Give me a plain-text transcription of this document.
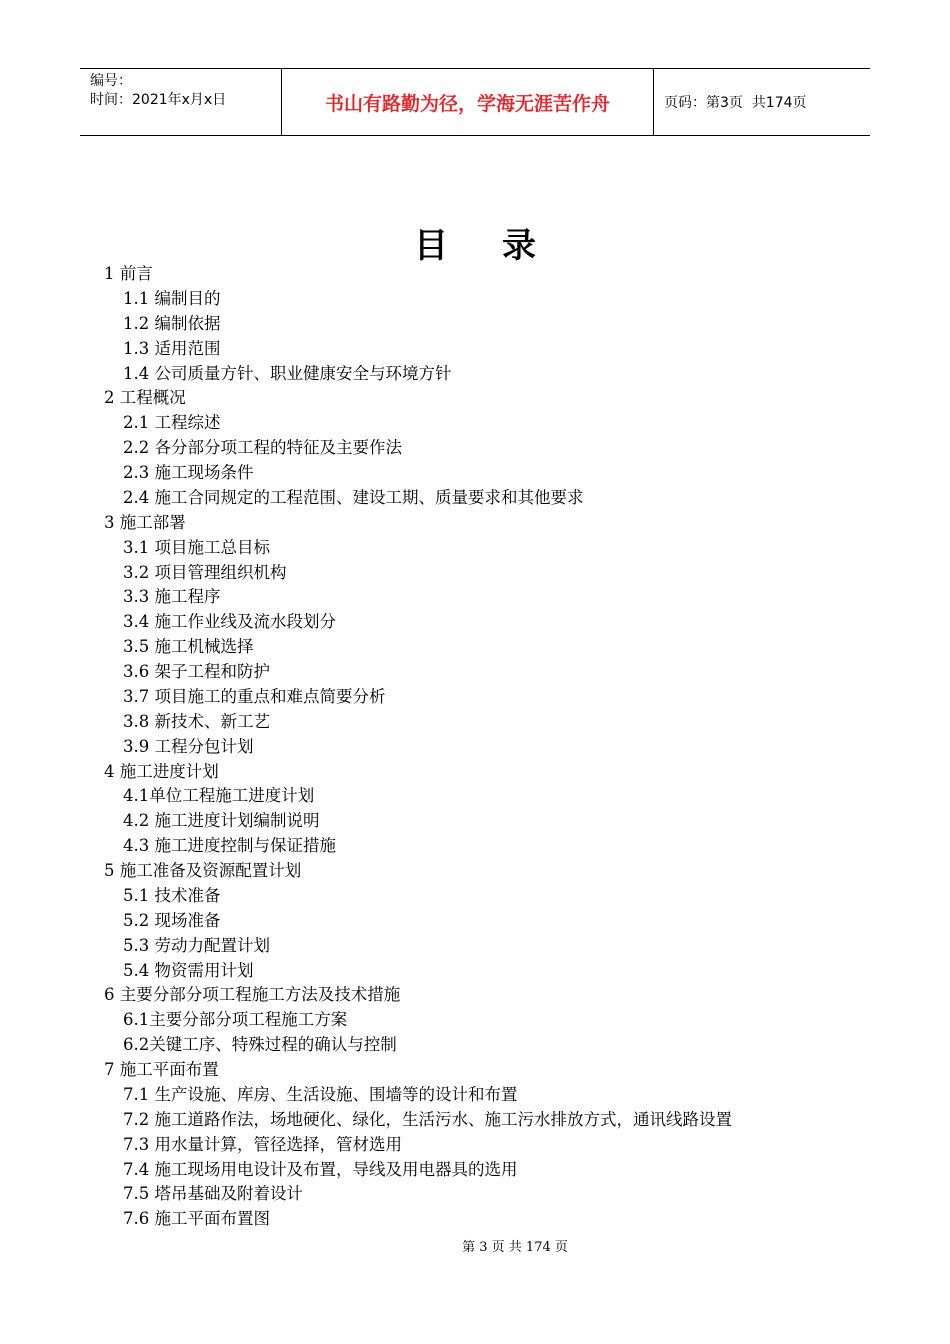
编号：
时间：2021年x月x日	书山有路勤为径，学海无涯苦作舟	页码：第3页  共174页
目录
1 前言
1.1 编制目的
1.2 编制依据
1.3 适用范围
1.4 公司质量方针、职业健康安全与环境方针
2 工程概况
2.1 工程综述
2.2 各分部分项工程的特征及主要作法
2.3 施工现场条件
2.4 施工合同规定的工程范围、建设工期、质量要求和其他要求
3 施工部署
3.1 项目施工总目标
3.2 项目管理组织机构
3.3 施工程序
3.4 施工作业线及流水段划分
3.5 施工机械选择
3.6 架子工程和防护
3.7 项目施工的重点和难点简要分析
3.8 新技术、新工艺
3.9 工程分包计划
4 施工进度计划
4.1单位工程施工进度计划
4.2 施工进度计划编制说明
4.3 施工进度控制与保证措施
5 施工准备及资源配置计划
5.1 技术准备
5.2 现场准备
5.3 劳动力配置计划
5.4 物资需用计划
6 主要分部分项工程施工方法及技术措施
6.1主要分部分项工程施工方案
6.2关键工序、特殊过程的确认与控制
7 施工平面布置
7.1 生产设施、库房、生活设施、围墙等的设计和布置
7.2 施工道路作法，场地硬化、绿化，生活污水、施工污水排放方式，通讯线路设置
7.3 用水量计算，管径选择，管材选用
7.4 施工现场用电设计及布置，导线及用电器具的选用
7.5 塔吊基础及附着设计
7.6 施工平面布置图
第 3 页 共 174 页
